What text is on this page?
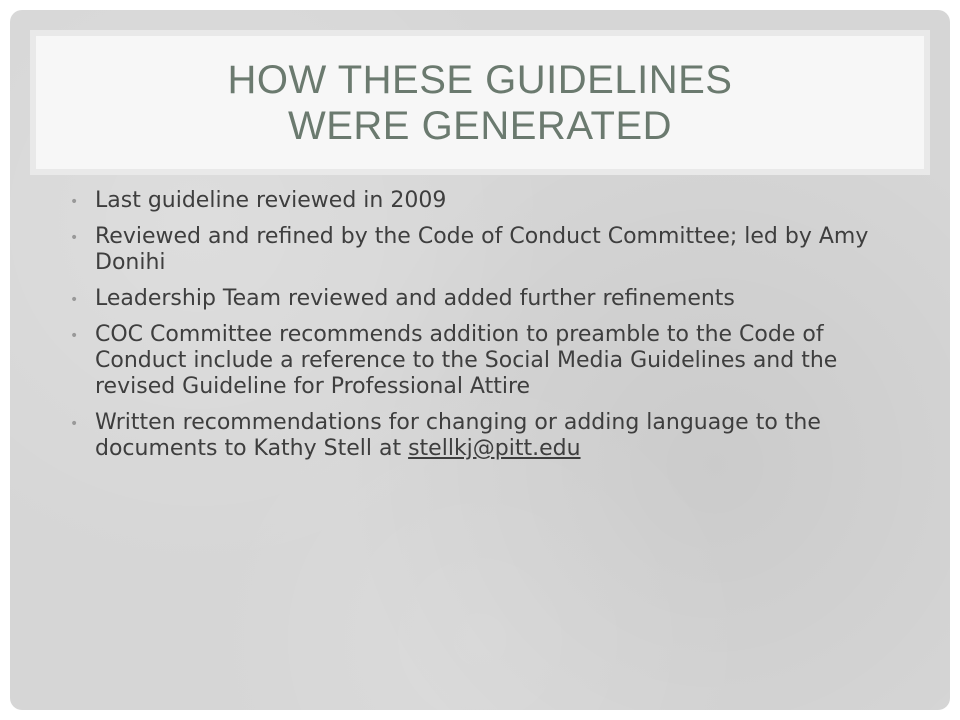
HOW THESE GUIDELINES
WERE GENERATED
• Last guideline reviewed in 2009
• Reviewed and refined by the Code of Conduct Committee; led by Amy Donihi
• Leadership Team reviewed and added further refinements
• COC Committee recommends addition to preamble to the Code of Conduct include a reference to the Social Media Guidelines and the revised Guideline for Professional Attire
• Written recommendations for changing or adding language to the documents to Kathy Stell at stellkj@pitt.edu
